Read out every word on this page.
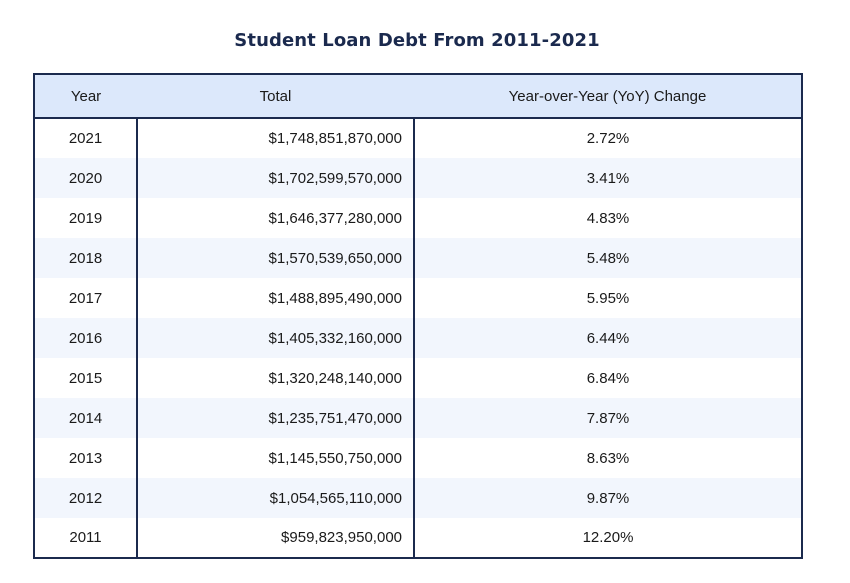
Student Loan Debt From 2011-2021
Year	Total	Year-over-Year (YoY) Change
2021	$1,748,851,870,000	2.72%
2020	$1,702,599,570,000	3.41%
2019	$1,646,377,280,000	4.83%
2018	$1,570,539,650,000	5.48%
2017	$1,488,895,490,000	5.95%
2016	$1,405,332,160,000	6.44%
2015	$1,320,248,140,000	6.84%
2014	$1,235,751,470,000	7.87%
2013	$1,145,550,750,000	8.63%
2012	$1,054,565,110,000	9.87%
2011	$959,823,950,000	12.20%
